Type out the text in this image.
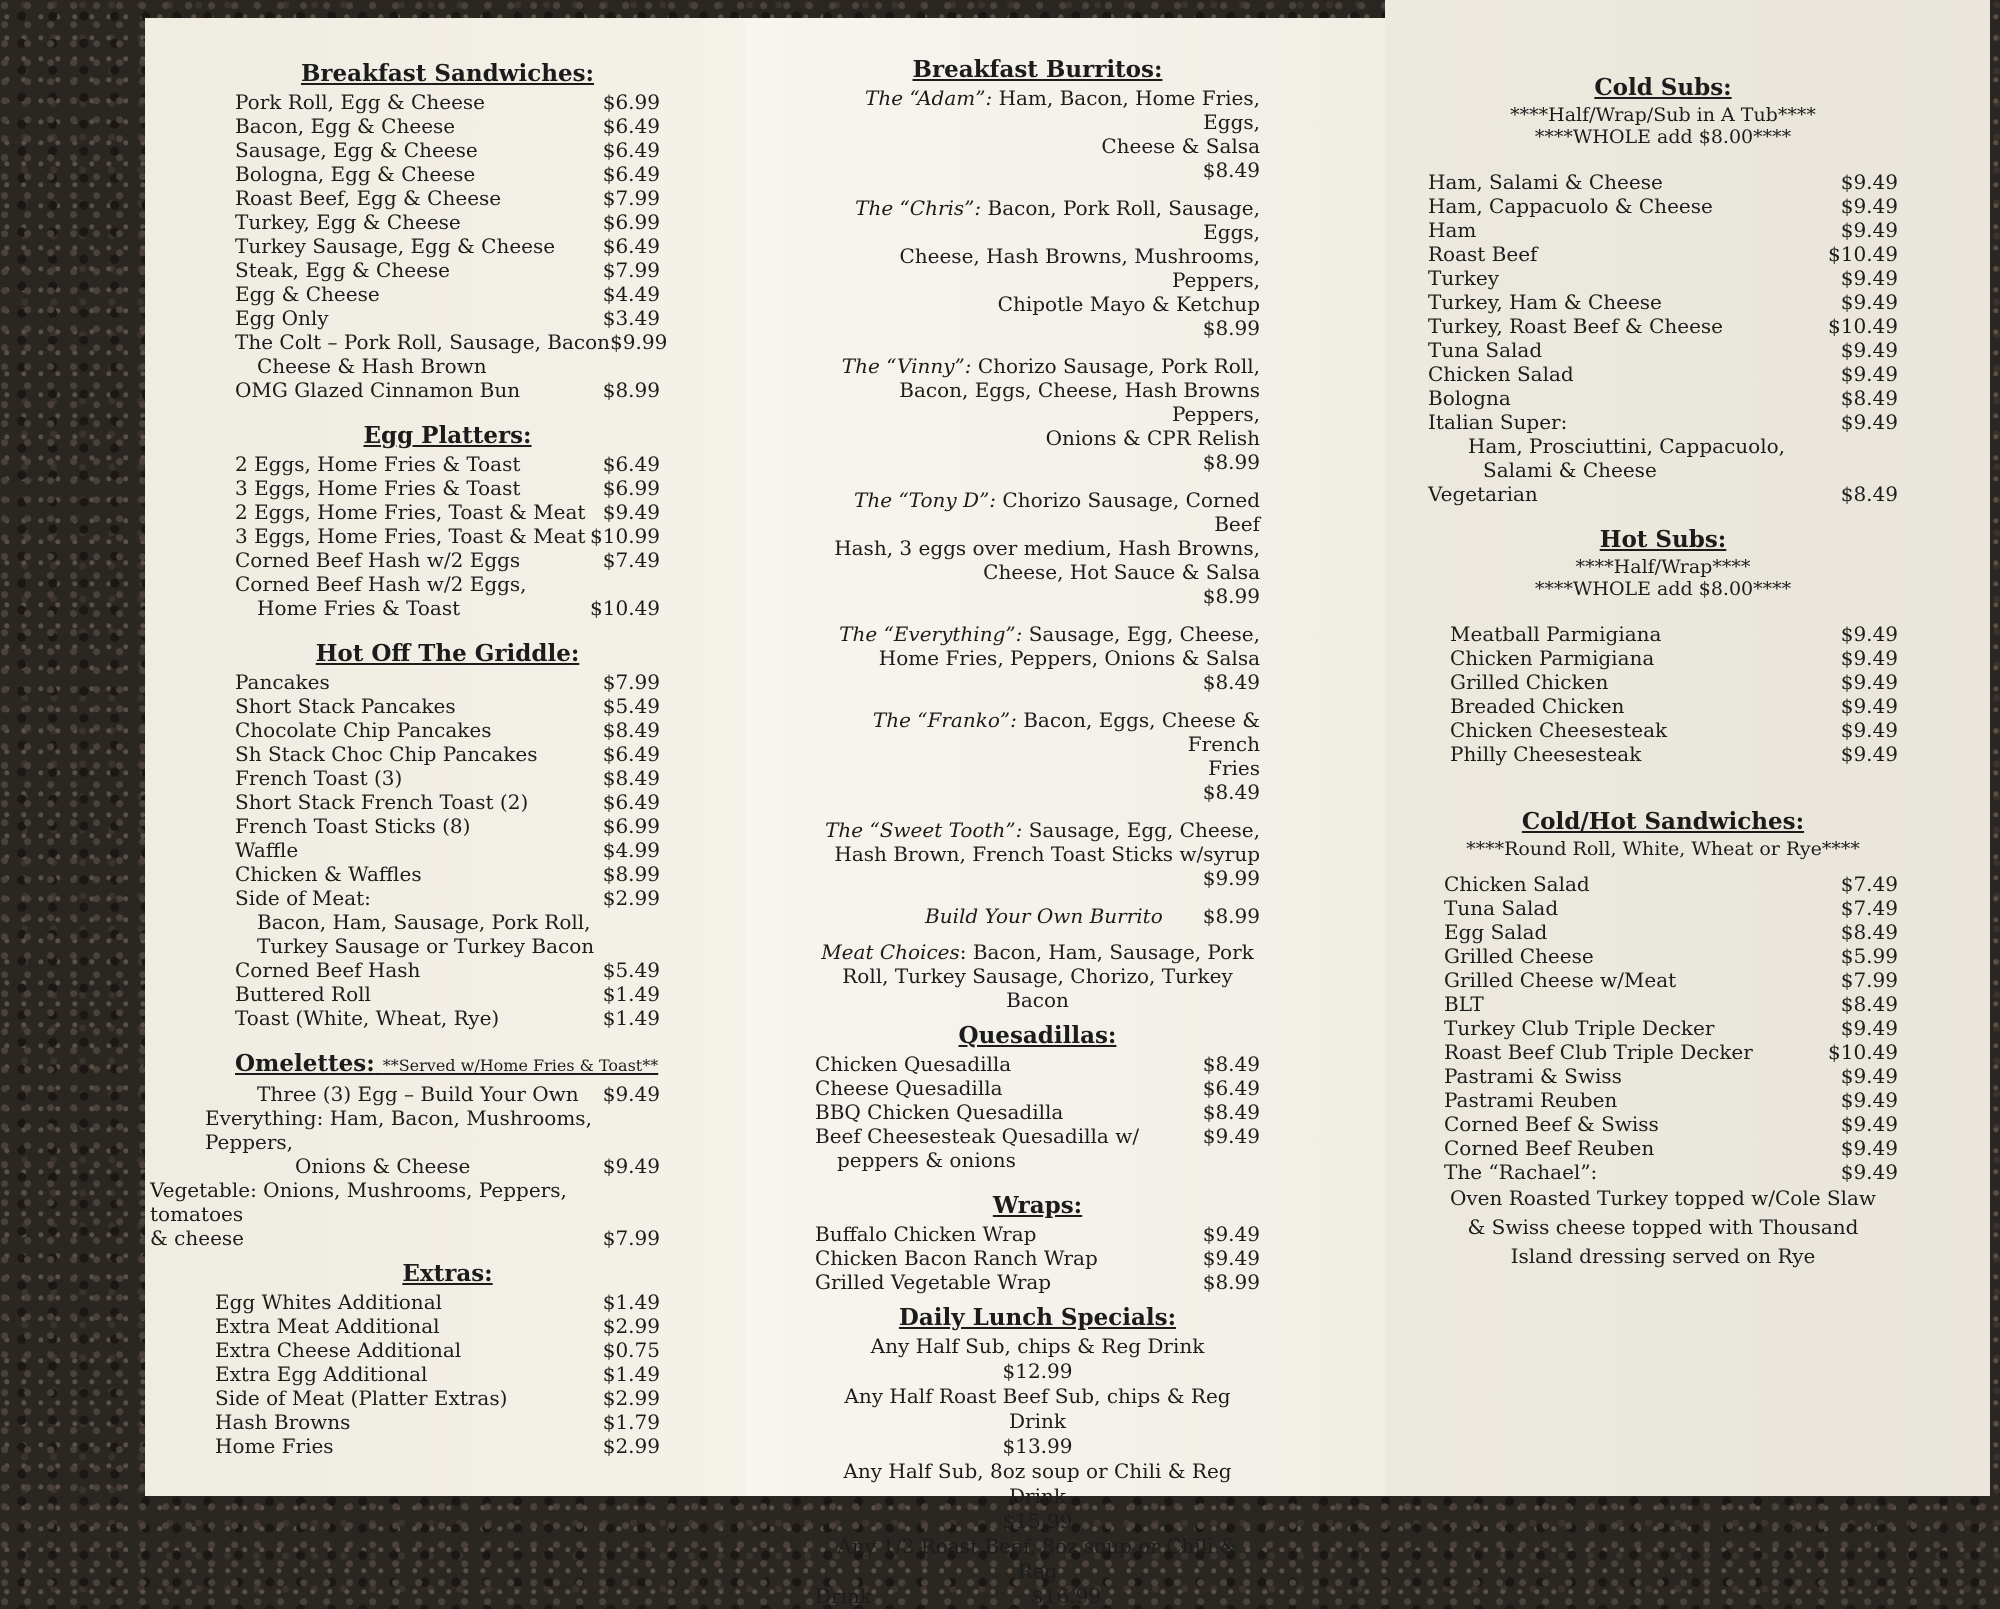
Breakfast Sandwiches:
Pork Roll, Egg & Cheese	$6.99
Bacon, Egg & Cheese	$6.49
Sausage, Egg & Cheese	$6.49
Bologna, Egg & Cheese	$6.49
Roast Beef, Egg & Cheese	$7.99
Turkey, Egg & Cheese	$6.99
Turkey Sausage, Egg & Cheese	$6.49
Steak, Egg & Cheese	$7.99
Egg & Cheese	$4.49
Egg Only	$3.49
The Colt – Pork Roll, Sausage, Bacon $9.99
Cheese & Hash Brown
OMG Glazed Cinnamon Bun	$8.99
Egg Platters:
2 Eggs, Home Fries & Toast	$6.49
3 Eggs, Home Fries & Toast	$6.99
2 Eggs, Home Fries, Toast & Meat $9.49
3 Eggs, Home Fries, Toast & Meat $10.99
Corned Beef Hash w/2 Eggs	$7.49
Corned Beef Hash w/2 Eggs,
Home Fries & Toast	$10.49
Hot Off The Griddle:
Pancakes	$7.99
Short Stack Pancakes	$5.49
Chocolate Chip Pancakes	$8.49
Sh Stack Choc Chip Pancakes	$6.49
French Toast (3)	$8.49
Short Stack French Toast (2)	$6.49
French Toast Sticks (8)	$6.99
Waffle	$4.99
Chicken & Waffles	$8.99
Side of Meat:	$2.99
Bacon, Ham, Sausage, Pork Roll,
Turkey Sausage or Turkey Bacon
Corned Beef Hash	$5.49
Buttered Roll	$1.49
Toast (White, Wheat, Rye)	$1.49
Omelettes: **Served w/Home Fries & Toast**
Three (3) Egg – Build Your Own	$9.49
Everything: Ham, Bacon, Mushrooms, Peppers,
Onions & Cheese	$9.49
Vegetable: Onions, Mushrooms, Peppers, tomatoes
& cheese	$7.99
Extras:
Egg Whites Additional	$1.49
Extra Meat Additional	$2.99
Extra Cheese Additional	$0.75
Extra Egg Additional	$1.49
Side of Meat (Platter Extras)	$2.99
Hash Browns	$1.79
Home Fries	$2.99
Breakfast Burritos:
The “Adam”: Ham, Bacon, Home Fries, Eggs,
Cheese & Salsa
$8.49
The “Chris”: Bacon, Pork Roll, Sausage, Eggs,
Cheese, Hash Browns, Mushrooms, Peppers,
Chipotle Mayo & Ketchup
$8.99
The “Vinny”: Chorizo Sausage, Pork Roll,
Bacon, Eggs, Cheese, Hash Browns Peppers,
Onions & CPR Relish
$8.99
The “Tony D”: Chorizo Sausage, Corned Beef
Hash, 3 eggs over medium, Hash Browns,
Cheese, Hot Sauce & Salsa
$8.99
The “Everything”: Sausage, Egg, Cheese,
Home Fries, Peppers, Onions & Salsa
$8.49
The “Franko”: Bacon, Eggs, Cheese & French
Fries
$8.49
The “Sweet Tooth”: Sausage, Egg, Cheese,
Hash Brown, French Toast Sticks w/syrup
$9.99
Build Your Own Burrito	$8.99
Meat Choices: Bacon, Ham, Sausage, Pork
Roll, Turkey Sausage, Chorizo, Turkey Bacon
Quesadillas:
Chicken Quesadilla	$8.49
Cheese Quesadilla	$6.49
BBQ Chicken Quesadilla	$8.49
Beef Cheesesteak Quesadilla w/	$9.49
peppers & onions
Wraps:
Buffalo Chicken Wrap	$9.49
Chicken Bacon Ranch Wrap	$9.49
Grilled Vegetable Wrap	$8.99
Daily Lunch Specials:
Any Half Sub, chips & Reg Drink
$12.99
Any Half Roast Beef Sub, chips & Reg Drink
$13.99
Any Half Sub, 8oz soup or Chili & Reg Drink
$15.99
Any 1/2 Roast Beef, 8oz soup or Chili & Reg
Drink	$16.99
Cold Subs:
****Half/Wrap/Sub in A Tub****
****WHOLE add $8.00****
Ham, Salami & Cheese	$9.49
Ham, Cappacuolo & Cheese	$9.49
Ham	$9.49
Roast Beef	$10.49
Turkey	$9.49
Turkey, Ham & Cheese	$9.49
Turkey, Roast Beef & Cheese	$10.49
Tuna Salad	$9.49
Chicken Salad	$9.49
Bologna	$8.49
Italian Super:	$9.49
Ham, Prosciuttini, Cappacuolo,
Salami & Cheese
Vegetarian	$8.49
Hot Subs:
****Half/Wrap****
****WHOLE add $8.00****
Meatball Parmigiana	$9.49
Chicken Parmigiana	$9.49
Grilled Chicken	$9.49
Breaded Chicken	$9.49
Chicken Cheesesteak	$9.49
Philly Cheesesteak	$9.49
Cold/Hot Sandwiches:
****Round Roll, White, Wheat or Rye****
Chicken Salad	$7.49
Tuna Salad	$7.49
Egg Salad	$8.49
Grilled Cheese	$5.99
Grilled Cheese w/Meat	$7.99
BLT	$8.49
Turkey Club Triple Decker	$9.49
Roast Beef Club Triple Decker	$10.49
Pastrami & Swiss	$9.49
Pastrami Reuben	$9.49
Corned Beef & Swiss	$9.49
Corned Beef Reuben	$9.49
The “Rachael”:	$9.49
Oven Roasted Turkey topped w/Cole Slaw
& Swiss cheese topped with Thousand
Island dressing served on Rye
